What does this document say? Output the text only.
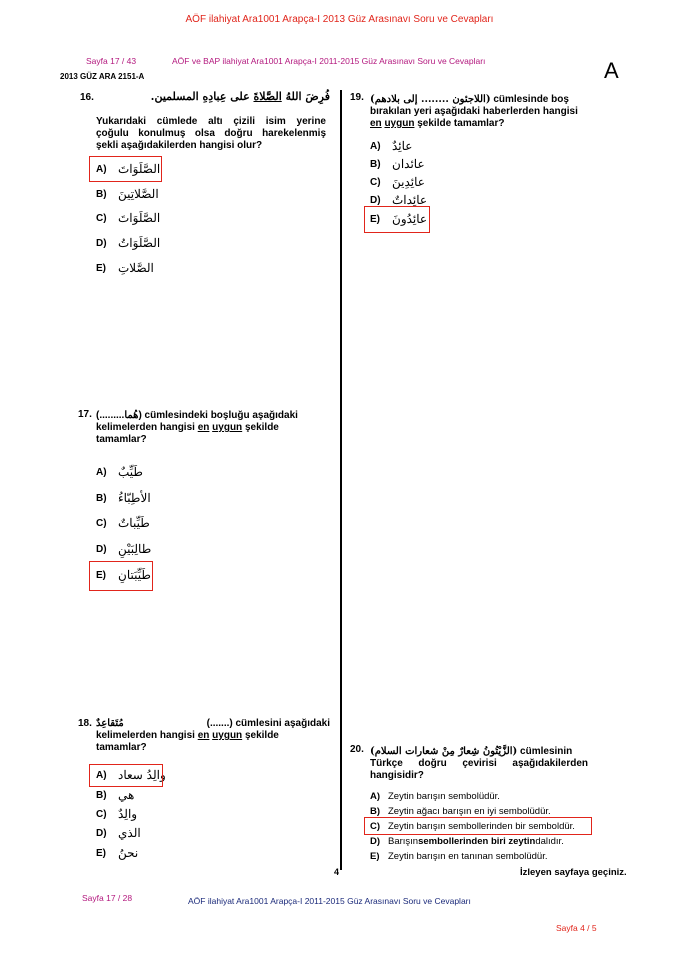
AÖF ilahiyat Ara1001 Arapça-I 2013 Güz Arasınavı Soru ve Cevapları
Sayfa 17 / 43	AÖF ve BAP ilahiyat Ara1001 Arapça-I 2011-2015 Güz Arasınavı Soru ve Cevapları
2013 GÜZ ARA 2151-A	A
16.	فُرِضَ اللهُ الصَّلاةَ على عِبادِهِ المسلمين.
Yukarıdaki cümlede altı çizili isim yerine
çoğulu konulmuş olsa doğru harekelenmiş
şekli aşağıdakilerden hangisi olur?
A) الصَّلَوَاتَ
B) الصَّلاتِينَ
C) الصَّلَوَاتَ
D) الصَّلَوَاتُ
E)	الصَّلاتِ
17. (.........هُما) cümlesindeki boşluğu aşağıdaki
kelimelerden hangisi en uygun şekilde
tamamlar?
A) طَيِّبٌ
B) الأطِبّاءُ
C) طَيِّباتٌ
D) طالِبَيْنِ
E)	طَيِّبَتانِ
18. مُتَقاعِدٌ	(.......) cümlesini aşağıdaki
kelimelerden hangisi en uygun şekilde
tamamlar?
A) والِدُ سعاد
B) هي
C) والِدٌ
D) الذي
E)	نحنُ
19. (اللاجئون ........ إلى بلادهم) cümlesinde boş
bırakılan yeri aşağıdaki haberlerden hangisi
en uygun şekilde tamamlar?
A) عائِدٌ
B) عائدان
C) عائِدِينَ
D) عائِداتٌ
E)	عائِدُونَ
20. (الزَّيْتُونُ شِعارٌ مِنْ شعارات السلام) cümlesinin
Türkçe doğru çevirisi aşağıdakilerden
hangisidir?
A) Zeytin barışın sembolüdür.
B) Zeytin ağacı barışın en iyi sembolüdür.
C) Zeytin barışın sembollerinden bir semboldür.
D) Barışın sembollerinden biri zeytin dalıdır.
E) Zeytin barışın en tanınan sembolüdür.
4	İzleyen sayfaya geçiniz.
Sayfa 17 / 28	AÖF ilahiyat Ara1001 Arapça-I 2011-2015 Güz Arasınavı Soru ve Cevapları
Sayfa 4 / 5
